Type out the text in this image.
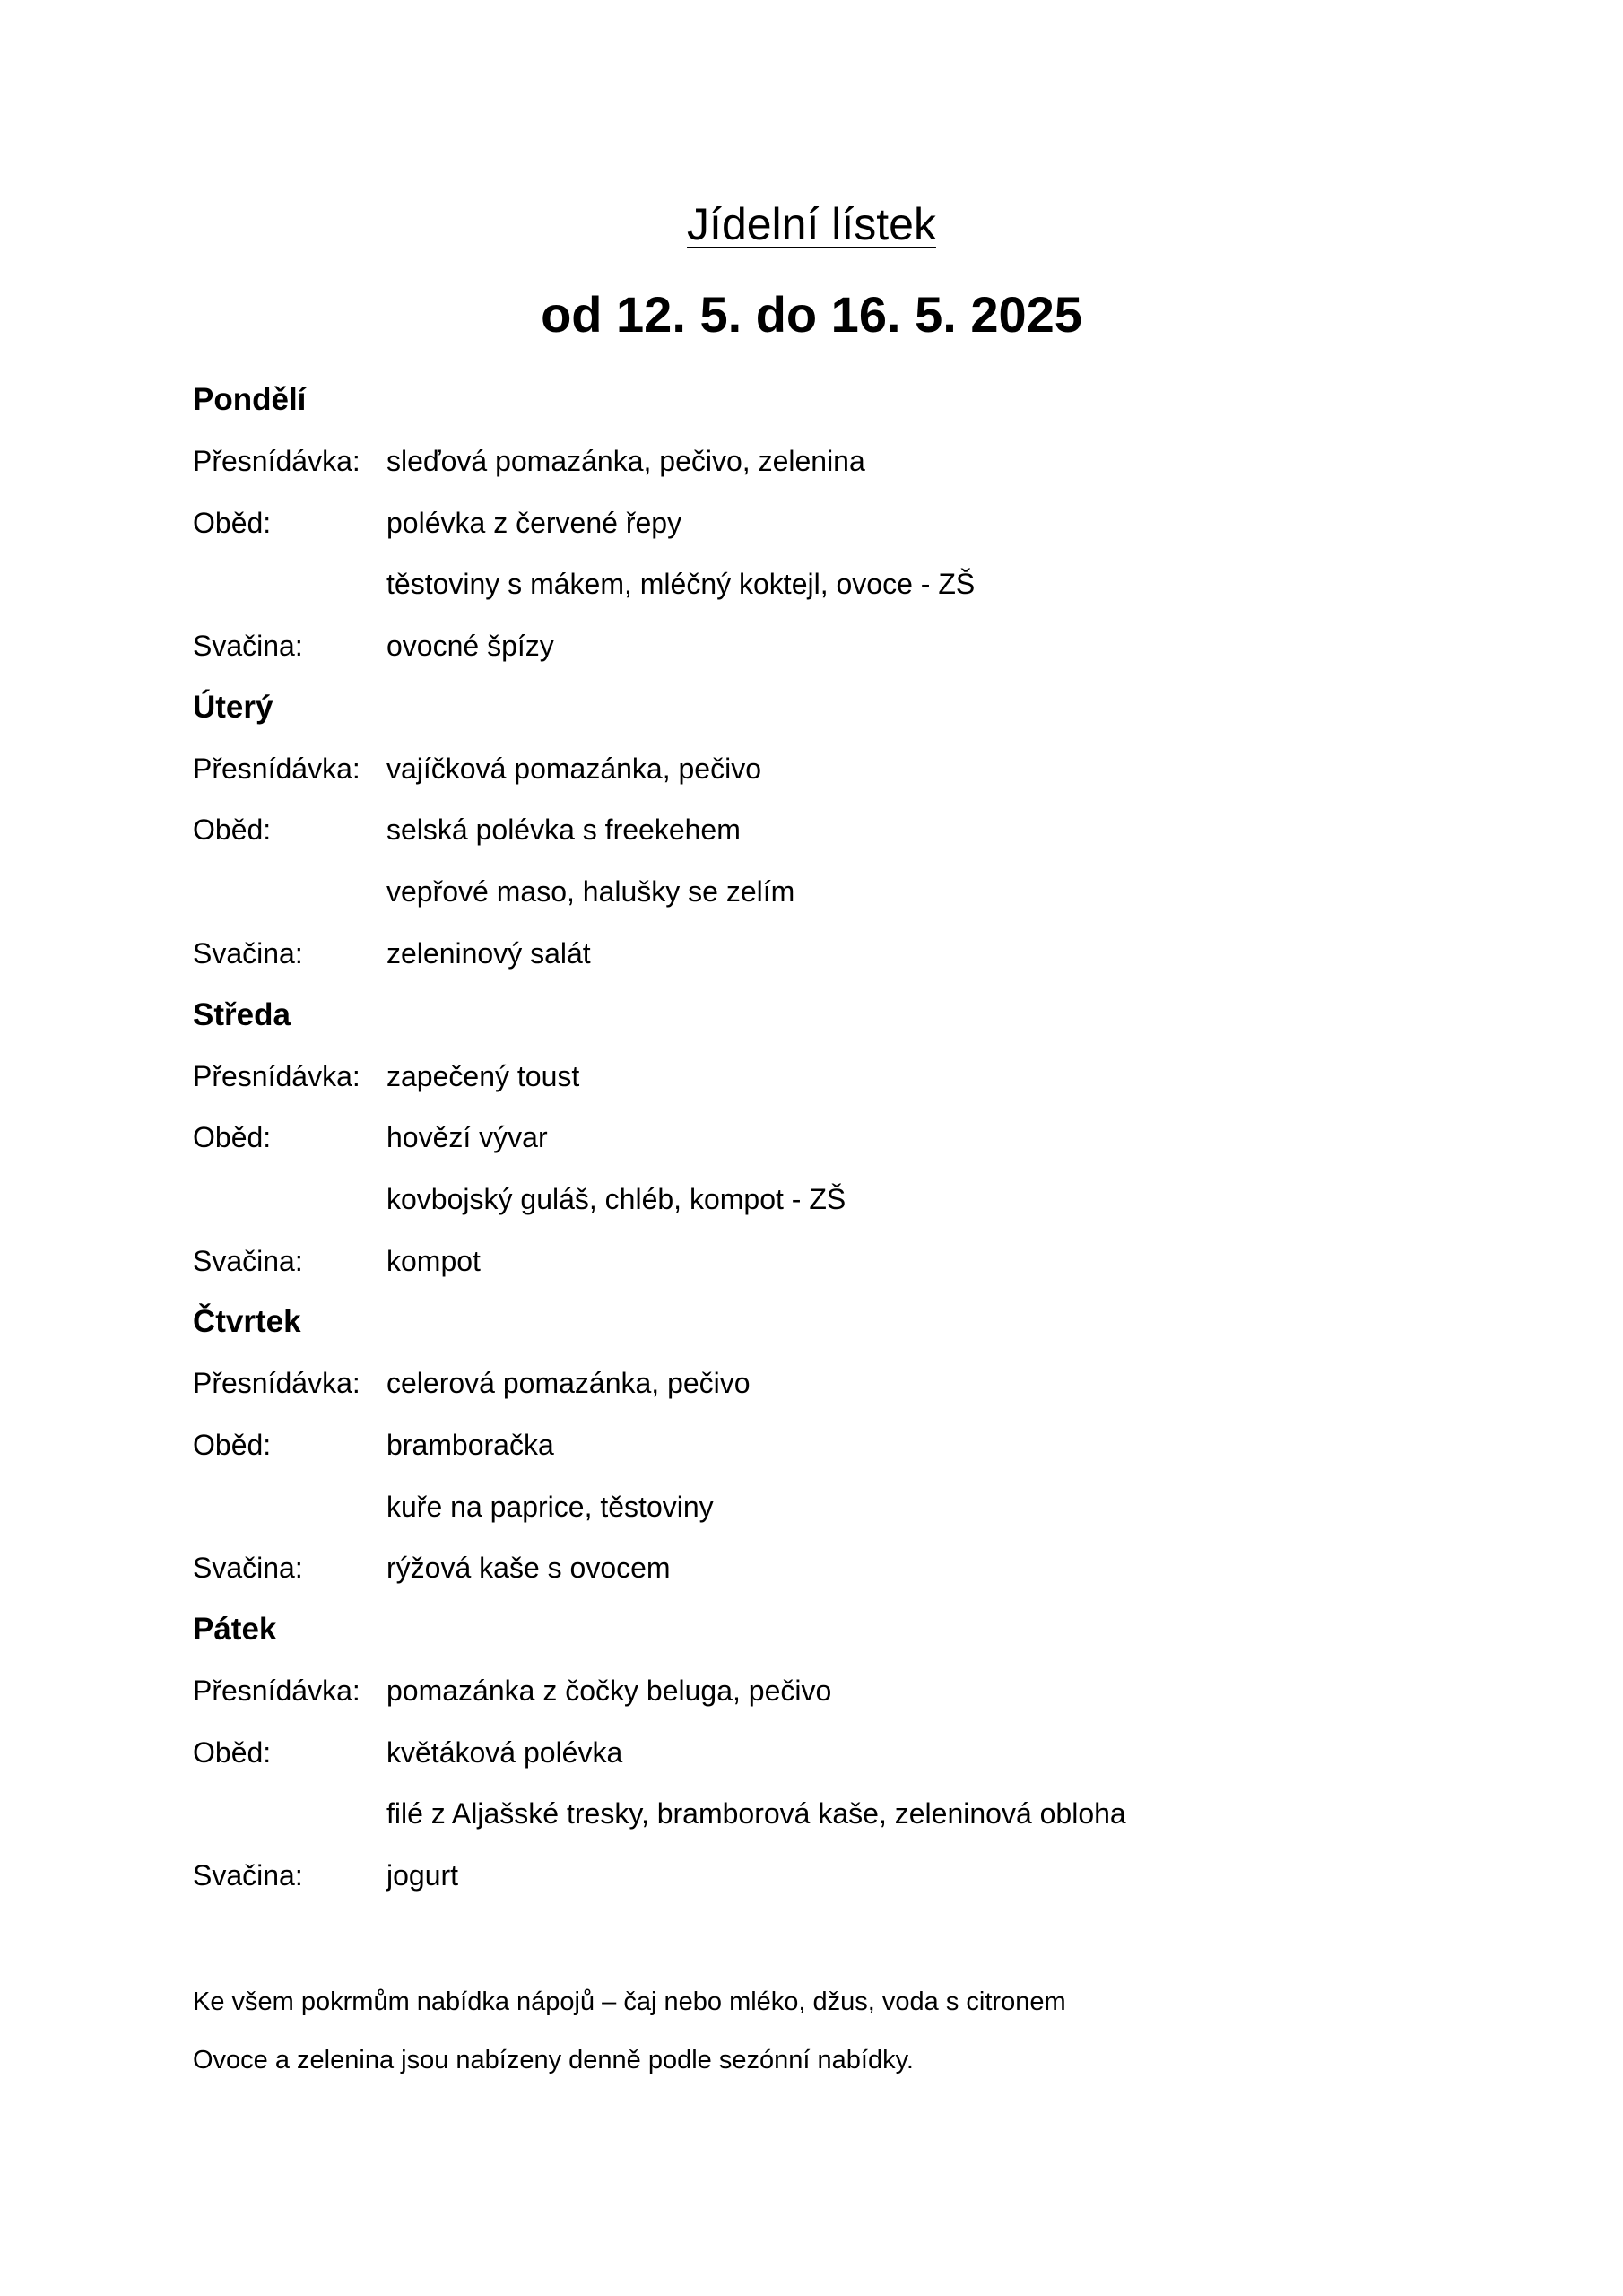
Jídelní lístek
od 12. 5. do 16. 5. 2025
Pondělí
Přesnídávka: sleďová pomazánka, pečivo, zelenina
Oběd:	polévka z červené řepy
těstoviny s mákem, mléčný koktejl, ovoce - ZŠ
Svačina:	ovocné špízy
Úterý
Přesnídávka: vajíčková pomazánka, pečivo
Oběd:	selská polévka s freekehem
vepřové maso, halušky se zelím
Svačina:	zeleninový salát
Středa
Přesnídávka: zapečený toust
Oběd:	hovězí vývar
kovbojský guláš, chléb, kompot - ZŠ
Svačina:	kompot
Čtvrtek
Přesnídávka: celerová pomazánka, pečivo
Oběd:	bramboračka
kuře na paprice, těstoviny
Svačina:	rýžová kaše s ovocem
Pátek
Přesnídávka: pomazánka z čočky beluga, pečivo
Oběd:	květáková polévka
filé z Aljašské tresky, bramborová kaše, zeleninová obloha
Svačina:	jogurt
Ke všem pokrmům nabídka nápojů – čaj nebo mléko, džus, voda s citronem
Ovoce a zelenina jsou nabízeny denně podle sezónní nabídky.
